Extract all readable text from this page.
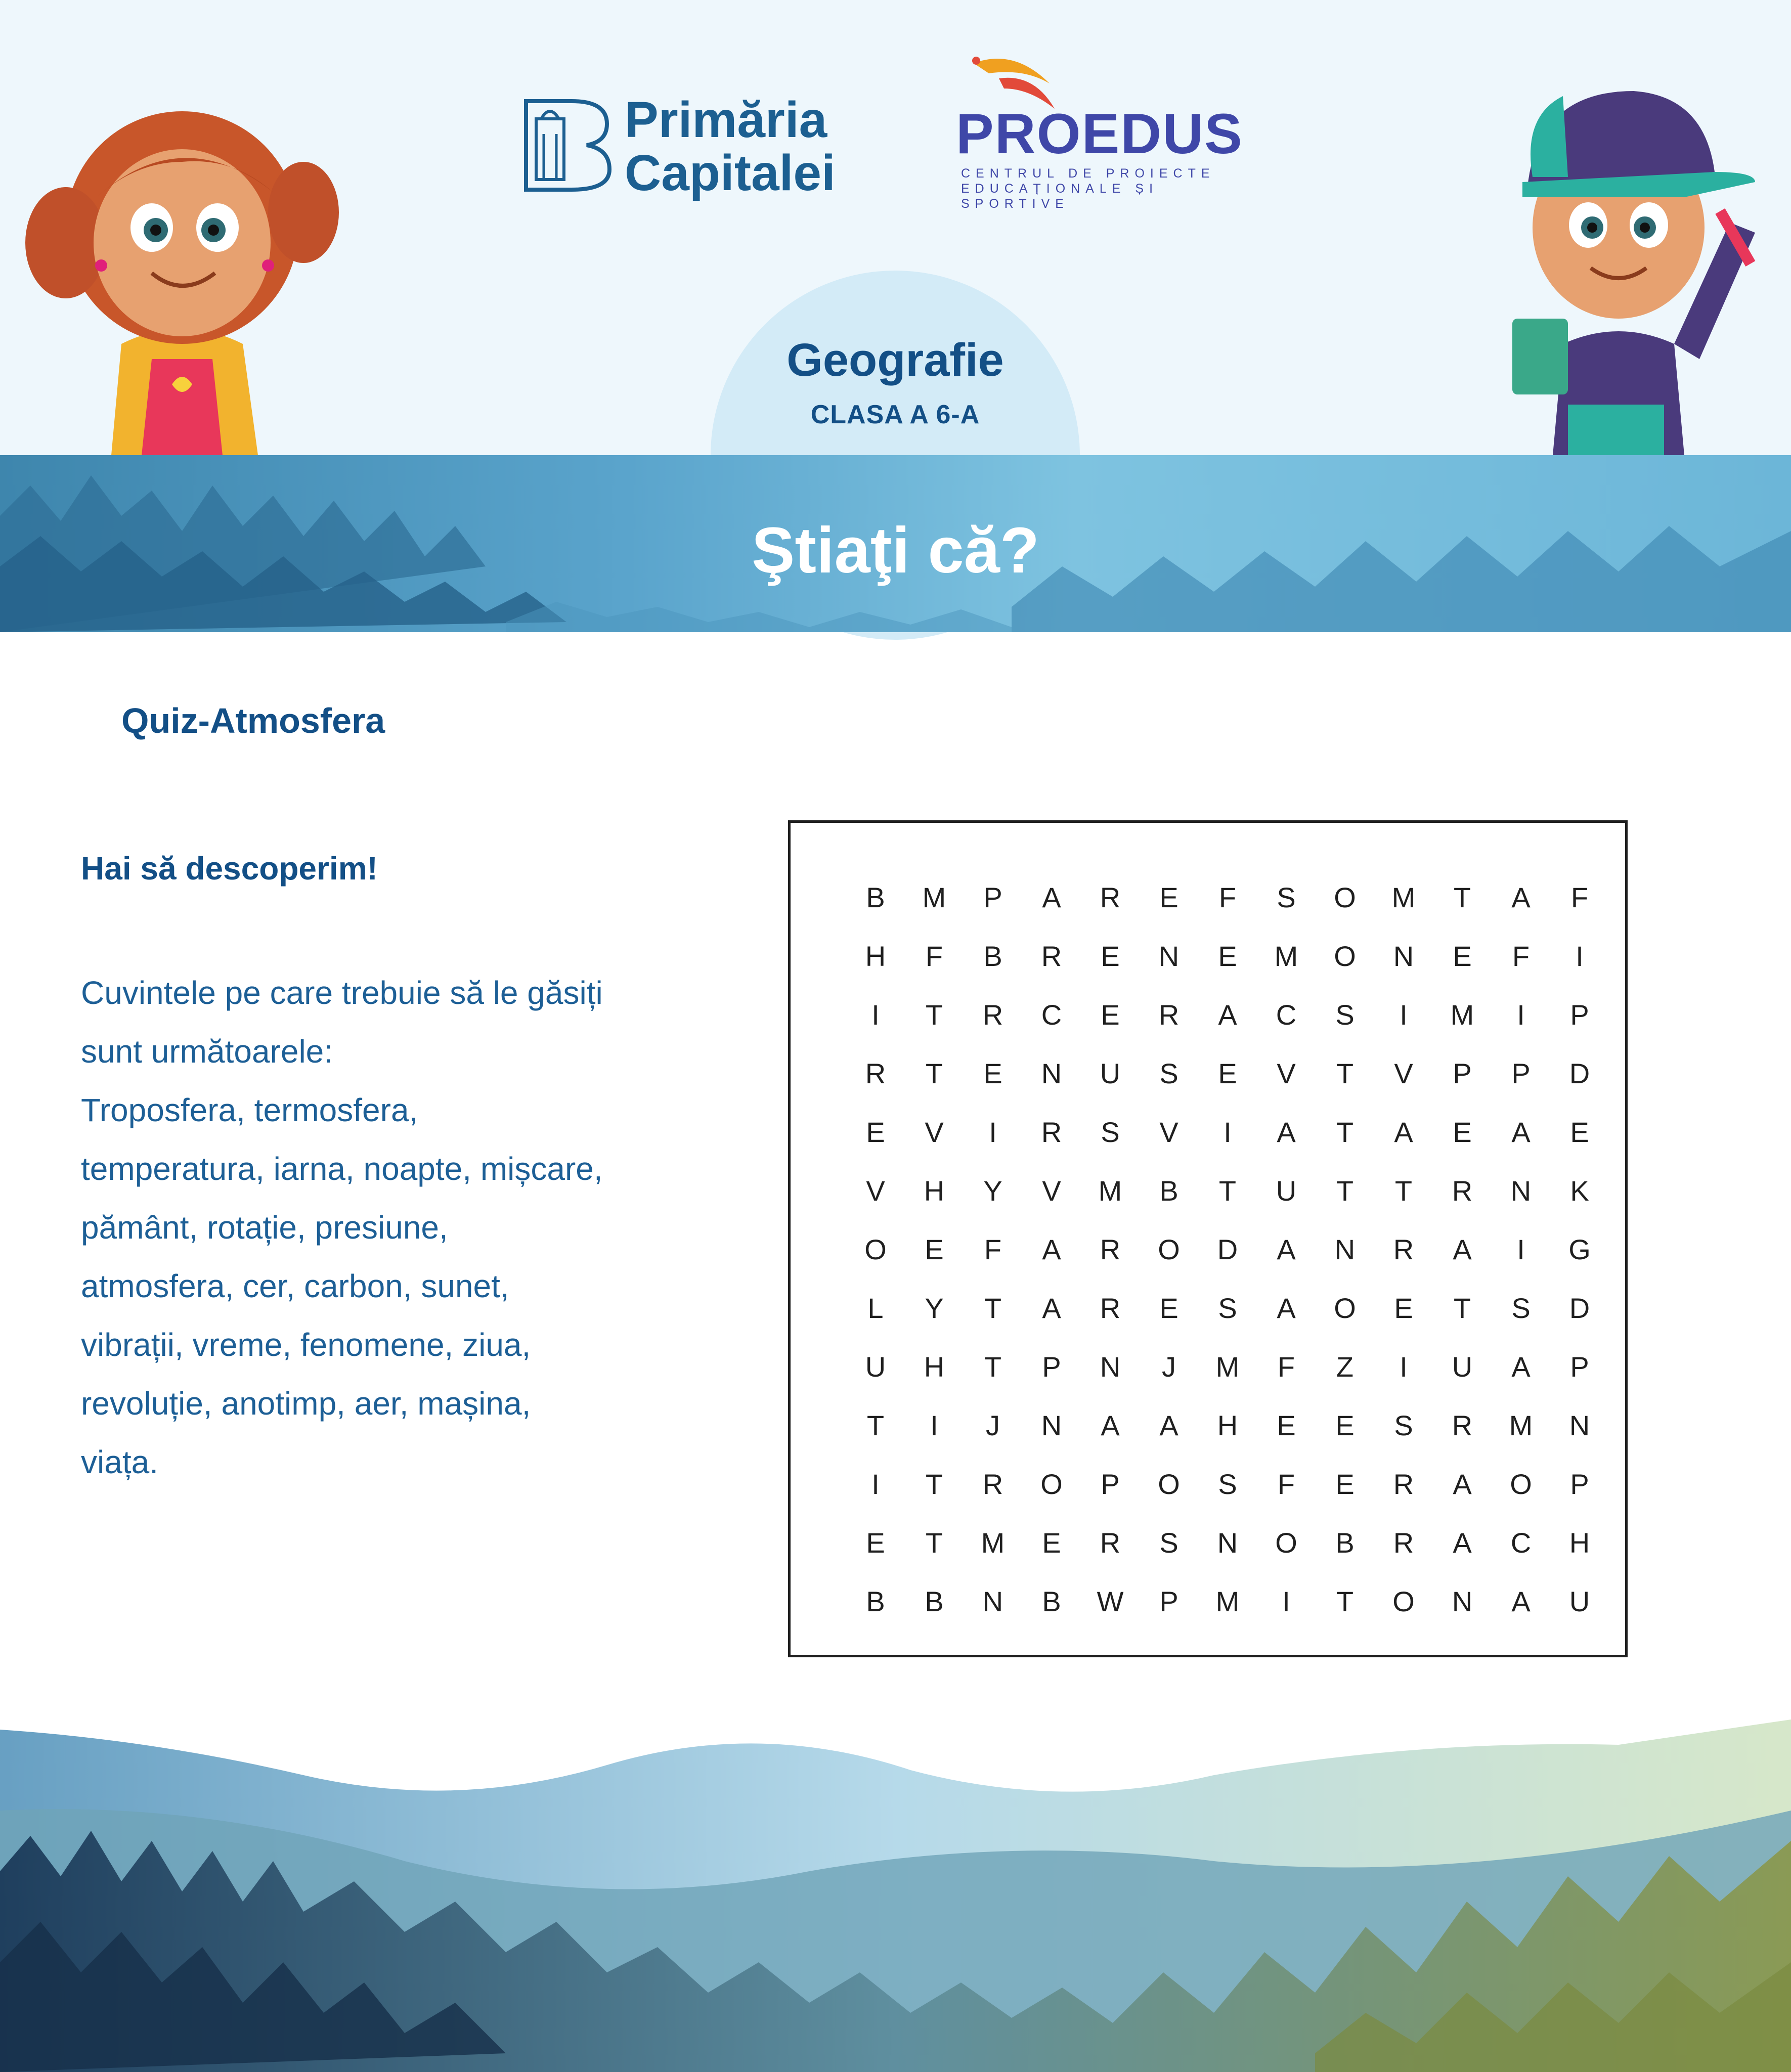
Primăria
Capitalei
PROEDUS
CENTRUL DE PROIECTE
EDUCAȚIONALE ȘI SPORTIVE
Ştiaţi că?
Geografie
CLASA A 6-A
Quiz-Atmosfera
Hai să descoperim!
Cuvintele pe care trebuie să le găsiți
sunt următoarele:
Troposfera, termosfera,
temperatura, iarna, noapte, mișcare,
pământ, rotație, presiune,
atmosfera, cer, carbon, sunet,
vibrații, vreme, fenomene, ziua,
revoluție, anotimp, aer, mașina,
viața.
B	M	P	A	R	E	F	S	O	M	T	A	F
H	F	B	R	E	N	E	M	O	N	E	F	I
I	T	R	C	E	R	A	C	S	I	M	I	P
R	T	E	N	U	S	E	V	T	V	P	P	D
E	V	I	R	S	V	I	A	T	A	E	A	E
V	H	Y	V	M	B	T	U	T	T	R	N	K
O	E	F	A	R	O	D	A	N	R	A	I	G
L	Y	T	A	R	E	S	A	O	E	T	S	D
U	H	T	P	N	J	M	F	Z	I	U	A	P
T	I	J	N	A	A	H	E	E	S	R	M	N
I	T	R	O	P	O	S	F	E	R	A	O	P
E	T	M	E	R	S	N	O	B	R	A	C	H
B	B	N	B	W	P	M	I	T	O	N	A	U
